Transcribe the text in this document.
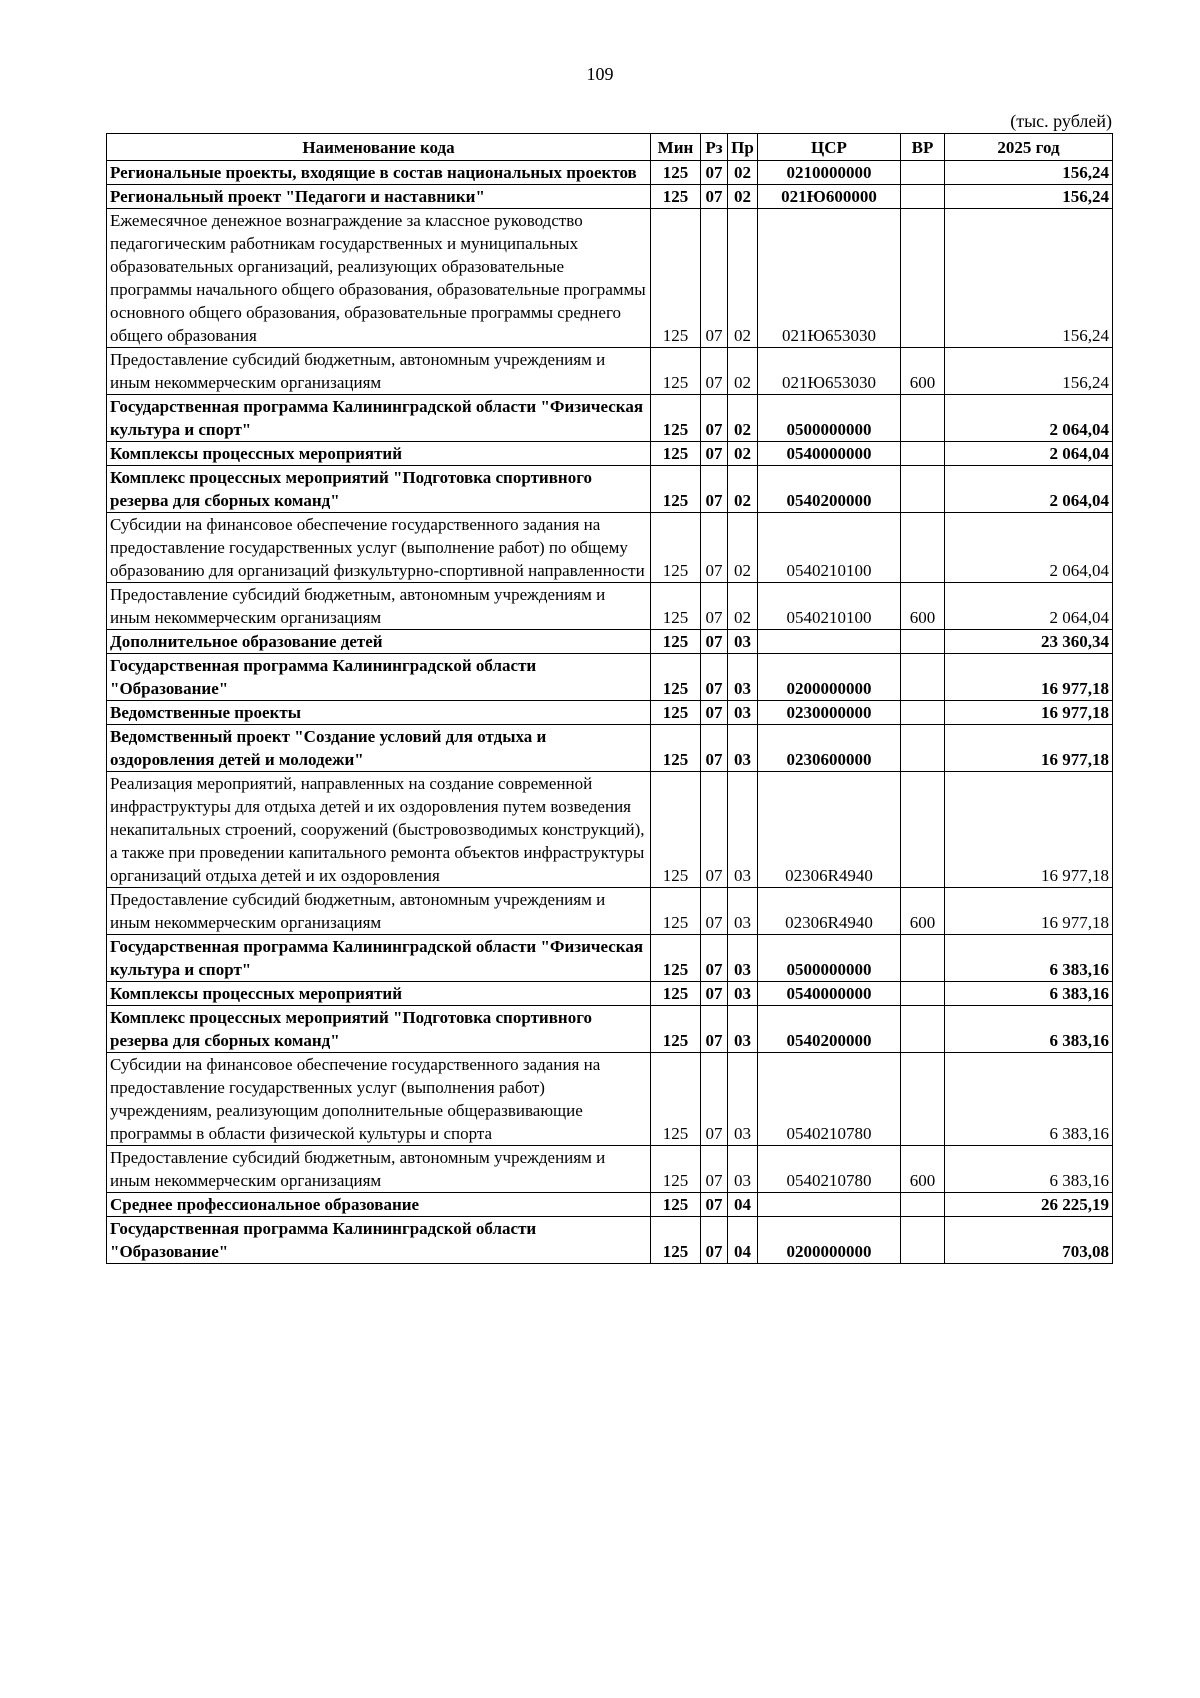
109
(тыс. рублей)
Наименование кода	Мин	Рз	Пр	ЦСР	ВР	2025 год
Региональные проекты, входящие в состав национальных проектов	125	07	02	0210000000		156,24
Региональный проект "Педагоги и наставники"	125	07	02	021Ю600000		156,24
Ежемесячное денежное вознаграждение за классное руководство педагогическим работникам государственных и муниципальных образовательных организаций, реализующих образовательные программы начального общего образования, образовательные программы основного общего образования, образовательные программы среднего общего образования	125	07	02	021Ю653030		156,24
Предоставление субсидий бюджетным, автономным учреждениям и иным некоммерческим организациям	125	07	02	021Ю653030	600	156,24
Государственная программа Калининградской области "Физическая культура и спорт"	125	07	02	0500000000		2 064,04
Комплексы процессных мероприятий	125	07	02	0540000000		2 064,04
Комплекс процессных мероприятий "Подготовка спортивного резерва для сборных команд"	125	07	02	0540200000		2 064,04
Субсидии на финансовое обеспечение государственного задания на предоставление государственных услуг (выполнение работ) по общему образованию для организаций физкультурно-спортивной направленности	125	07	02	0540210100		2 064,04
Предоставление субсидий бюджетным, автономным учреждениям и иным некоммерческим организациям	125	07	02	0540210100	600	2 064,04
Дополнительное образование детей	125	07	03			23 360,34
Государственная программа Калининградской области "Образование"	125	07	03	0200000000		16 977,18
Ведомственные проекты	125	07	03	0230000000		16 977,18
Ведомственный проект "Создание условий для отдыха и оздоровления детей и молодежи"	125	07	03	0230600000		16 977,18
Реализация мероприятий, направленных на создание современной инфраструктуры для отдыха детей и их оздоровления путем возведения некапитальных строений, сооружений (быстровозводимых конструкций), а также при проведении капитального ремонта объектов инфраструктуры организаций отдыха детей и их оздоровления	125	07	03	02306R4940		16 977,18
Предоставление субсидий бюджетным, автономным учреждениям и иным некоммерческим организациям	125	07	03	02306R4940	600	16 977,18
Государственная программа Калининградской области "Физическая культура и спорт"	125	07	03	0500000000		6 383,16
Комплексы процессных мероприятий	125	07	03	0540000000		6 383,16
Комплекс процессных мероприятий "Подготовка спортивного резерва для сборных команд"	125	07	03	0540200000		6 383,16
Субсидии на финансовое обеспечение государственного задания на предоставление государственных услуг (выполнения работ) учреждениям, реализующим дополнительные общеразвивающие программы в области физической культуры и спорта	125	07	03	0540210780		6 383,16
Предоставление субсидий бюджетным, автономным учреждениям и иным некоммерческим организациям	125	07	03	0540210780	600	6 383,16
Среднее профессиональное образование	125	07	04			26 225,19
Государственная программа Калининградской области "Образование"	125	07	04	0200000000		703,08
